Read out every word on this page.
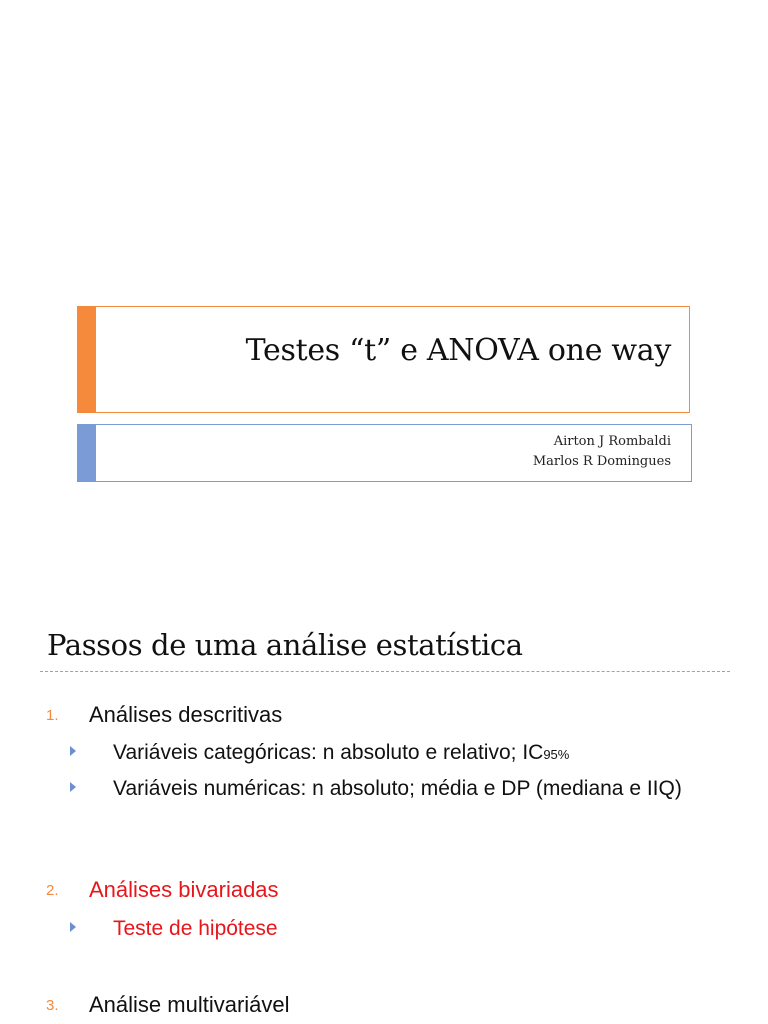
Testes “t” e ANOVA one way
Airton J Rombaldi
Marlos R Domingues
Passos de uma análise estatística
1. Análises descritivas
Variáveis categóricas: n absoluto e relativo; IC95%
Variáveis numéricas: n absoluto; média e DP (mediana e IIQ)
2. Análises bivariadas
Teste de hipótese
3. Análise multivariável
